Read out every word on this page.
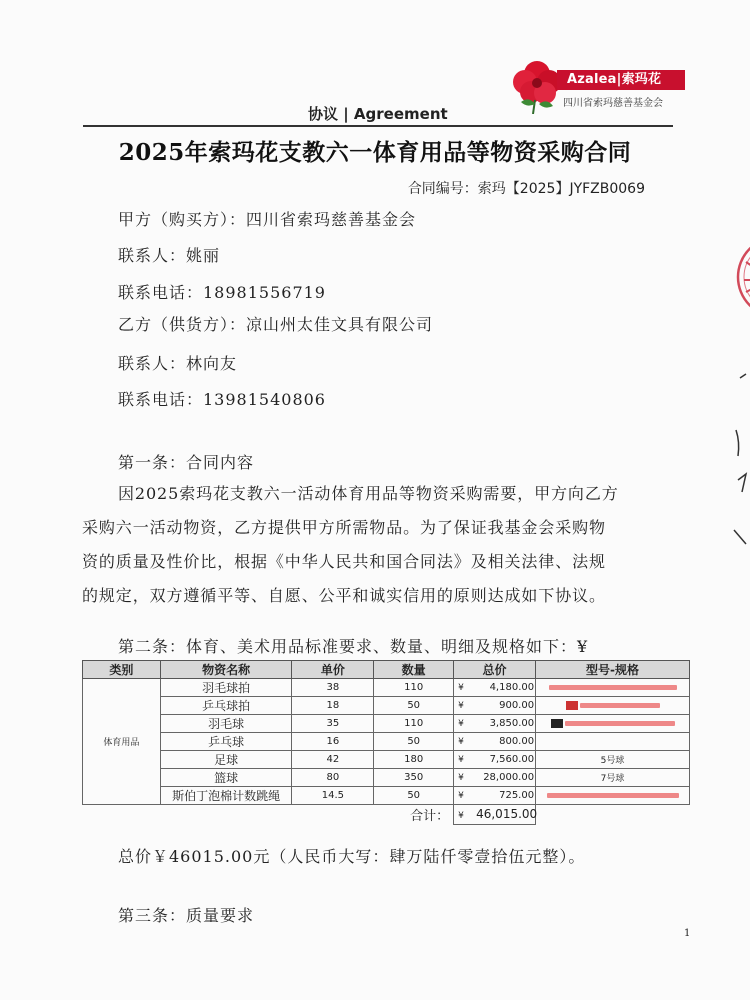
Azalea|索玛花
四川省索玛慈善基金会
协议 | Agreement
2025年索玛花支教六一体育用品等物资采购合同
合同编号：索玛【2025】JYFZB0069
甲方（购买方）：四川省索玛慈善基金会
联系人：姚丽
联系电话：18981556719
乙方（供货方）：凉山州太佳文具有限公司
联系人：林向友
联系电话：13981540806
第一条：合同内容
因2025索玛花支教六一活动体育用品等物资采购需要，甲方向乙方
采购六一活动物资，乙方提供甲方所需物品。为了保证我基金会采购物
资的质量及性价比，根据《中华人民共和国合同法》及相关法律、法规
的规定，双方遵循平等、自愿、公平和诚实信用的原则达成如下协议。
第二条：体育、美术用品标准要求、数量、明细及规格如下：¥
类别	物资名称	单价	数量	总价	型号-规格
体育用品	羽毛球拍	38	110	¥ 4,180.00	
	乒乓球拍	18	50	¥ 900.00	
	羽毛球	35	110	¥ 3,850.00	
	乒乓球	16	50	¥ 800.00	
	足球	42	180	¥ 7,560.00	5号球
	篮球	80	350	¥ 28,000.00	7号球
	斯伯丁泡棉计数跳绳	14.5	50	¥ 725.00	
合计：				¥ 46,015.00	
总价￥46015.00元（人民币大写：肆万陆仟零壹拾伍元整）。
第三条：质量要求
1
